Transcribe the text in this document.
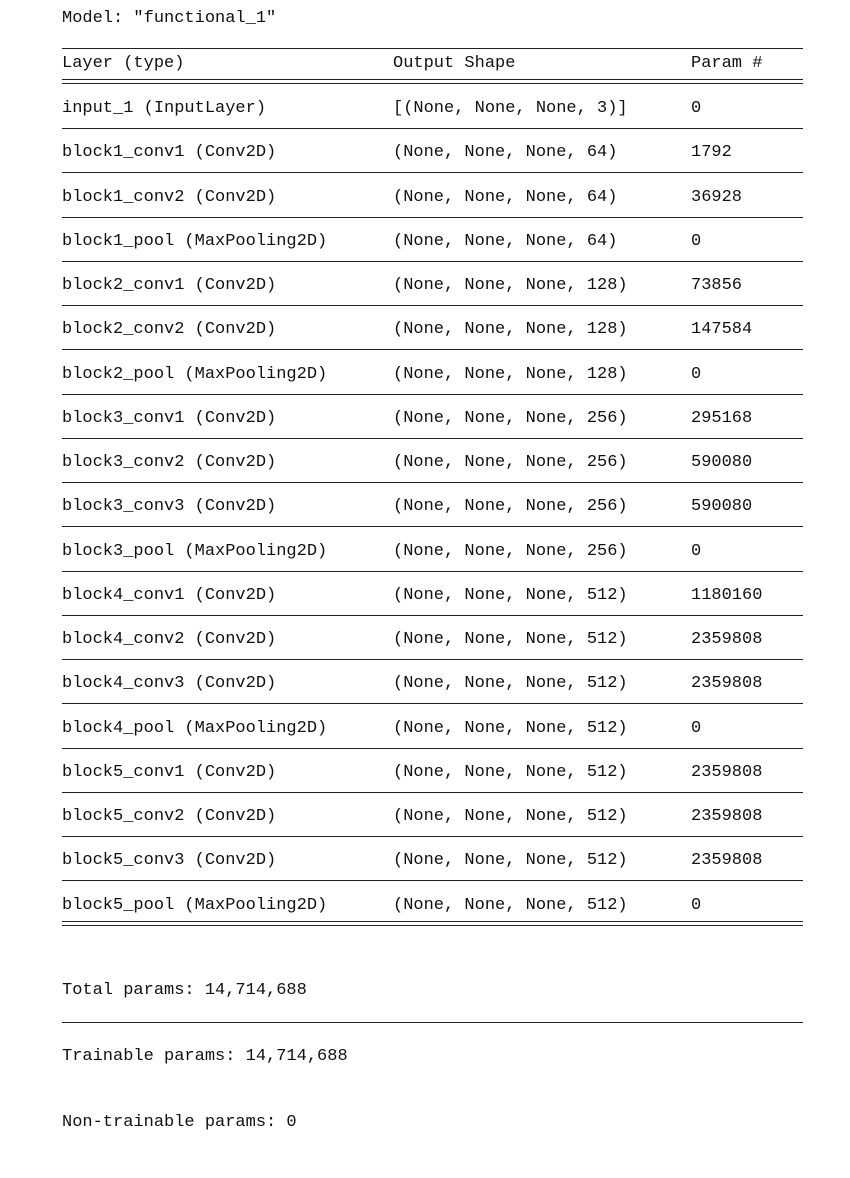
Model: "functional_1"
Layer (type)	Output Shape	Param #
input_1 (InputLayer)	[(None, None, None, 3)]	0
block1_conv1 (Conv2D)	(None, None, None, 64)	1792
block1_conv2 (Conv2D)	(None, None, None, 64)	36928
block1_pool (MaxPooling2D)	(None, None, None, 64)	0
block2_conv1 (Conv2D)	(None, None, None, 128)	73856
block2_conv2 (Conv2D)	(None, None, None, 128)	147584
block2_pool (MaxPooling2D)	(None, None, None, 128)	0
block3_conv1 (Conv2D)	(None, None, None, 256)	295168
block3_conv2 (Conv2D)	(None, None, None, 256)	590080
block3_conv3 (Conv2D)	(None, None, None, 256)	590080
block3_pool (MaxPooling2D)	(None, None, None, 256)	0
block4_conv1 (Conv2D)	(None, None, None, 512)	1180160
block4_conv2 (Conv2D)	(None, None, None, 512)	2359808
block4_conv3 (Conv2D)	(None, None, None, 512)	2359808
block4_pool (MaxPooling2D)	(None, None, None, 512)	0
block5_conv1 (Conv2D)	(None, None, None, 512)	2359808
block5_conv2 (Conv2D)	(None, None, None, 512)	2359808
block5_conv3 (Conv2D)	(None, None, None, 512)	2359808
block5_pool (MaxPooling2D)	(None, None, None, 512)	0

Total params: 14,714,688

Trainable params: 14,714,688

Non-trainable params: 0
